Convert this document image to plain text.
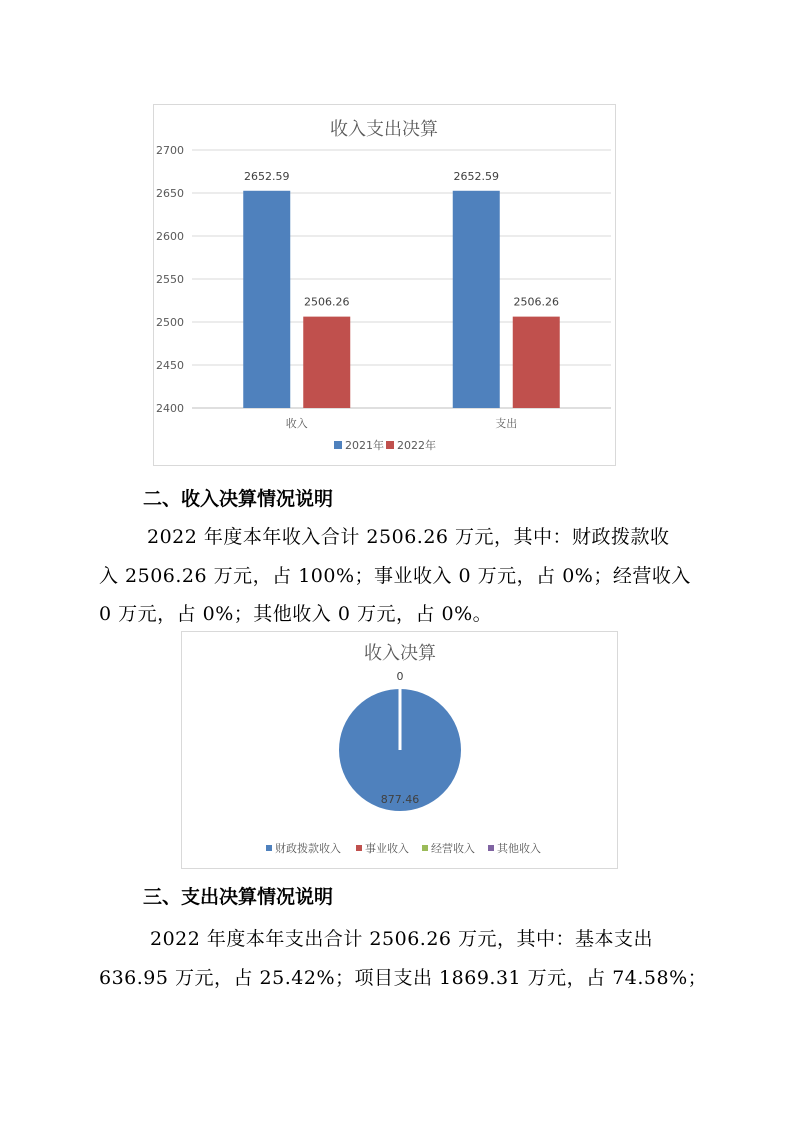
收入支出决算
2700
2650
2600
2550
2500
2450
2400
2652.59
2506.26
2652.59
2506.26
收入	支出
2021年 2022年
二、收入决算情况说明
2022 年度本年收入合计 2506.26 万元，其中：财政拨款收
入 2506.26 万元，占 100%；事业收入 0 万元，占 0%；经营收入
0 万元，占 0%；其他收入 0 万元，占 0%。
收入决算
877.46
0
财政拨款收入 事业收入 经营收入 其他收入
三、支出决算情况说明
2022 年度本年支出合计 2506.26 万元，其中：基本支出
636.95 万元，占 25.42%；项目支出 1869.31 万元，占 74.58%；
